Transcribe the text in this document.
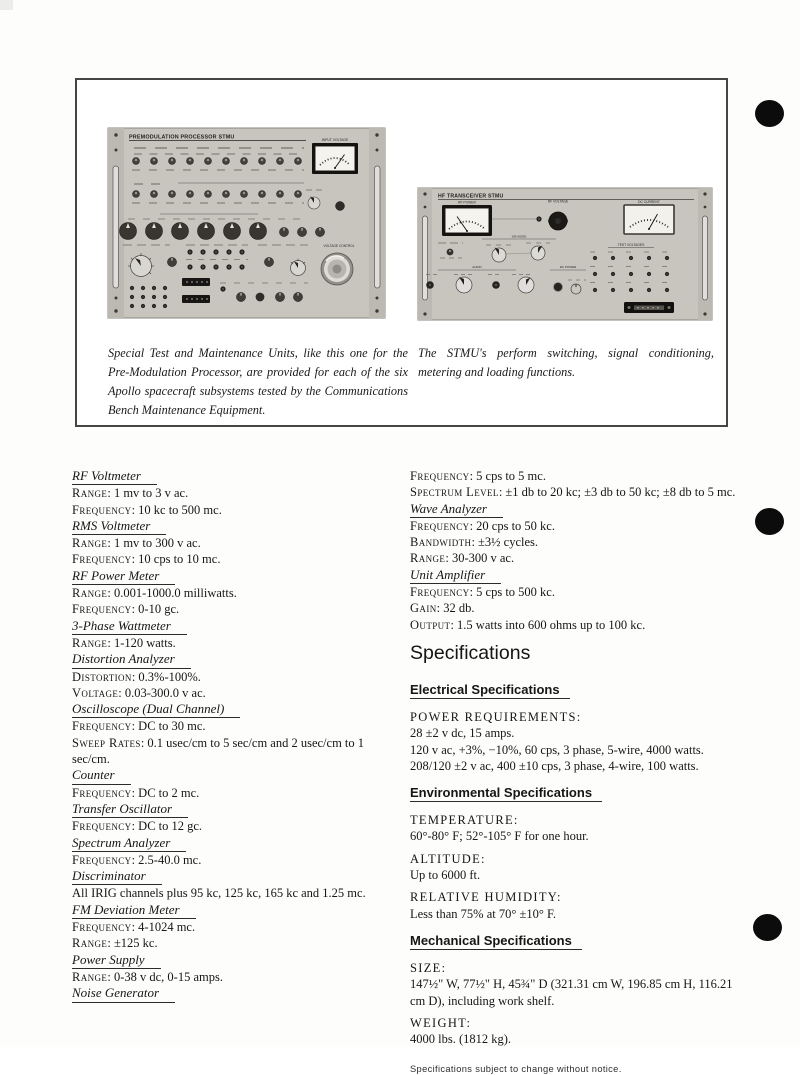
PREMODULATION PROCESSOR STMU	INPUT VOLTAGE
VOLTAGE CONTROL
HF TRANSCEIVER STMU
RF POWER	RF VOLTAGE	DC CURRENT
S/B MODE
TEST VOLTAGES
AUDIO	DC POWER
Special Test and Maintenance Units, like this one for the Pre-Modulation Processor, are provided for each of the six Apollo spacecraft subsystems tested by the Communications Bench Maintenance Equipment.
The STMU's perform switching, signal conditioning, metering and loading functions.
RF Voltmeter
Range: 1 mv to 3 v ac.
Frequency: 10 kc to 500 mc.
RMS Voltmeter
Range: 1 mv to 300 v ac.
Frequency: 10 cps to 10 mc.
RF Power Meter
Range: 0.001-1000.0 milliwatts.
Frequency: 0-10 gc.
3-Phase Wattmeter
Range: 1-120 watts.
Distortion Analyzer
Distortion: 0.3%-100%.
Voltage: 0.03-300.0 v ac.
Oscilloscope (Dual Channel)
Frequency: DC to 30 mc.
Sweep Rates: 0.1 usec/cm to 5 sec/cm and 2 usec/cm to 1 sec/cm.
Counter
Frequency: DC to 2 mc.
Transfer Oscillator
Frequency: DC to 12 gc.
Spectrum Analyzer
Frequency: 2.5-40.0 mc.
Discriminator
All IRIG channels plus 95 kc, 125 kc, 165 kc and 1.25 mc.
FM Deviation Meter
Frequency: 4-1024 mc.
Range: ±125 kc.
Power Supply
Range: 0-38 v dc, 0-15 amps.
Noise Generator
Frequency: 5 cps to 5 mc.
Spectrum Level: ±1 db to 20 kc; ±3 db to 50 kc; ±8 db to 5 mc.
Wave Analyzer
Frequency: 20 cps to 50 kc.
Bandwidth: ±3½ cycles.
Range: 30-300 v ac.
Unit Amplifier
Frequency: 5 cps to 500 kc.
Gain: 32 db.
Output: 1.5 watts into 600 ohms up to 100 kc.
Specifications
Electrical Specifications
POWER REQUIREMENTS:
28 ±2 v dc, 15 amps.
120 v ac, +3%, −10%, 60 cps, 3 phase, 5-wire, 4000 watts.
208/120 ±2 v ac, 400 ±10 cps, 3 phase, 4-wire, 100 watts.
Environmental Specifications
TEMPERATURE:
60°-80° F; 52°-105° F for one hour.
ALTITUDE:
Up to 6000 ft.
RELATIVE HUMIDITY:
Less than 75% at 70° ±10° F.
Mechanical Specifications
SIZE:
147½" W, 77½" H, 45¾" D (321.31 cm W, 196.85 cm H, 116.21 cm D), including work shelf.
WEIGHT:
4000 lbs. (1812 kg).
Specifications subject to change without notice.
